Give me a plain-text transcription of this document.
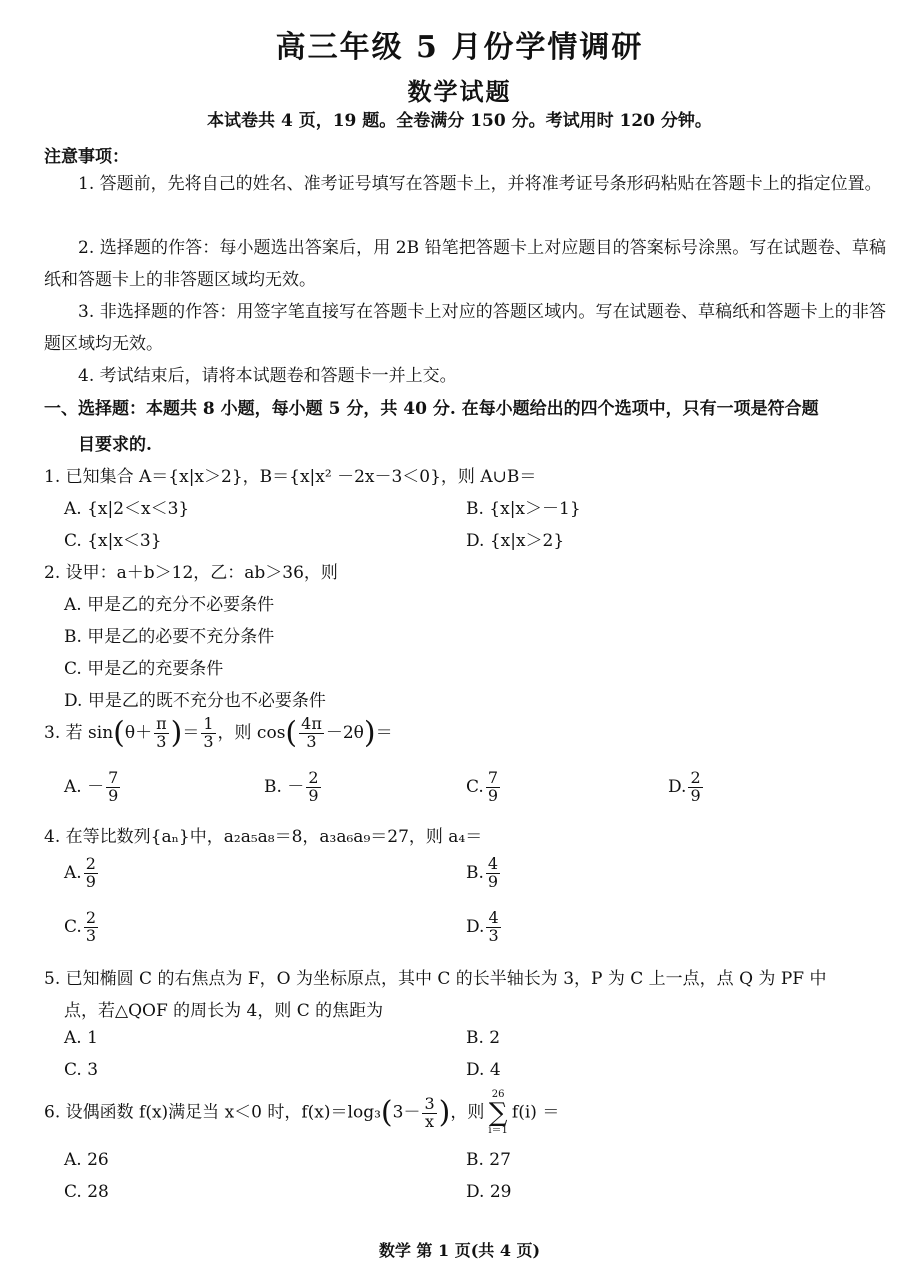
高三年级 5 月份学情调研
数学试题
本试卷共 4 页，19 题。全卷满分 150 分。考试用时 120 分钟。
注意事项：
1. 答题前，先将自己的姓名、准考证号填写在答题卡上，并将准考证号条形码粘贴在答题卡上的指定位置。
2. 选择题的作答：每小题选出答案后，用 2B 铅笔把答题卡上对应题目的答案标号涂黑。写在试题卷、草稿纸和答题卡上的非答题区域均无效。
3. 非选择题的作答：用签字笔直接写在答题卡上对应的答题区域内。写在试题卷、草稿纸和答题卡上的非答题区域均无效。
4. 考试结束后，请将本试题卷和答题卡一并上交。
一、选择题：本题共 8 小题，每小题 5 分，共 40 分. 在每小题给出的四个选项中，只有一项是符合题
目要求的.
1. 已知集合 A＝{x|x＞2}，B＝{x|x² －2x－3＜0}，则 A∪B＝
A. {x|2＜x＜3}	B. {x|x＞－1}
C. {x|x＜3}	D. {x|x＞2}
2. 设甲：a＋b＞12，乙：ab＞36，则
A. 甲是乙的充分不必要条件
B. 甲是乙的必要不充分条件
C. 甲是乙的充要条件
D. 甲是乙的既不充分也不必要条件
3. 若 $\sin(\theta+ \frac{\pi}{3}$ )＝ $\frac{1}{3}$ ，则 $\cos( \frac{4\pi}{3} -2\theta)=$
A. － $\frac{7}{9}$	B. － $\frac{2}{9}$	C. $\frac{7}{9}$	D. $\frac{2}{9}$
4. 在等比数列{aₙ}中，a₂a₅a₈＝8，a₃a₆a₉＝27，则 a₄＝
A. $\frac{2}{9}$	B. $\frac{4}{9}$
C. $\frac{2}{3}$	D. $\frac{4}{3}$
5. 已知椭圆 C 的右焦点为 F，O 为坐标原点，其中 C 的长半轴长为 3，P 为 C 上一点，点 Q 为 PF 中
点，若△QOF 的周长为 4，则 C 的焦距为
A. 1	B. 2
C. 3	D. 4
6. 设偶函数 f(x)满足当 x＜0 时，$f(x)=\log_3(3- \frac{3}{x}$ )，则
26
∑
i＝1
f(i) ＝
A. 26	B. 27
C. 28	D. 29
数学 第 1 页(共 4 页)
